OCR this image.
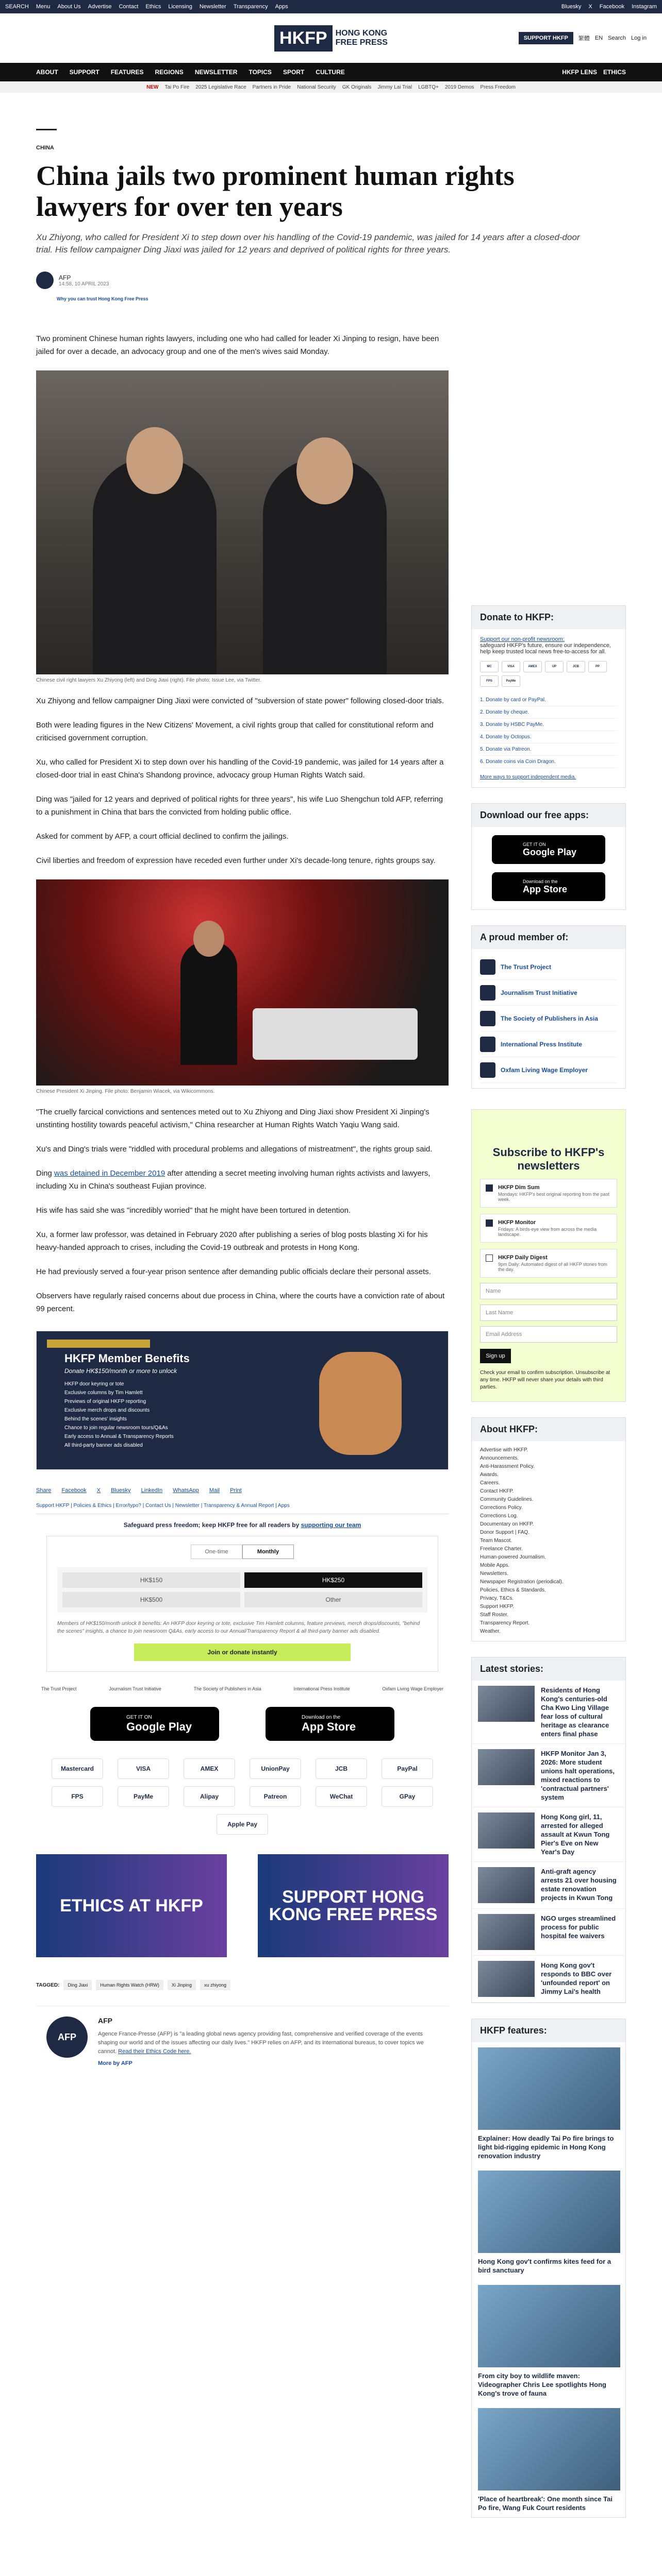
SEARCH Menu About Us Advertise Contact Ethics Licensing Newsletter Transparency Apps	Bluesky X Facebook Instagram
HKFP	HONG KONG
FREE PRESS	SUPPORT HKFP	繁體 EN Search Log in
ABOUT SUPPORT FEATURES REGIONS NEWSLETTER TOPICS SPORT CULTURE	HKFP LENS ETHICS
NEW Tai Po Fire 2025 Legislative Race Partners in Pride National Security GK Originals Jimmy Lai Trial LGBTQ+ 2019 Demos Press Freedom
CHINA
China jails two prominent human rights lawyers for over ten years

Xu Zhiyong, who called for President Xi to step down over his handling of the Covid-19 pandemic, was jailed for 14 years after a closed-door trial. His fellow campaigner Ding Jiaxi was jailed for 12 years and deprived of political rights for three years.

AFP
14:58, 10 APRIL 2023
Why you can trust Hong Kong Free Press

Two prominent Chinese human rights lawyers, including one who had called for leader Xi Jinping to resign, have been jailed for over a decade, an advocacy group and one of the men's wives said Monday.

Chinese civil right lawyers Xu Zhiyong (left) and Ding Jiaxi (right). File photo: Issue Lee, via Twitter.

Xu Zhiyong and fellow campaigner Ding Jiaxi were convicted of "subversion of state power" following closed-door trials.

Both were leading figures in the New Citizens' Movement, a civil rights group that called for constitutional reform and criticised government corruption.

Xu, who called for President Xi to step down over his handling of the Covid-19 pandemic, was jailed for 14 years after a closed-door trial in east China's Shandong province, advocacy group Human Rights Watch said.

Ding was "jailed for 12 years and deprived of political rights for three years", his wife Luo Shengchun told AFP, referring to a punishment in China that bars the convicted from holding public office.

Asked for comment by AFP, a court official declined to confirm the jailings.

Civil liberties and freedom of expression have receded even further under Xi's decade-long tenure, rights groups say.

Chinese President Xi Jinping. File photo: Benjamin Wiacek, via Wikicommons.

"The cruelly farcical convictions and sentences meted out to Xu Zhiyong and Ding Jiaxi show President Xi Jinping's unstinting hostility towards peaceful activism," China researcher at Human Rights Watch Yaqiu Wang said.

Xu's and Ding's trials were "riddled with procedural problems and allegations of mistreatment", the rights group said.

Ding was detained in December 2019 after attending a secret meeting involving human rights activists and lawyers, including Xu in China's southeast Fujian province.

His wife has said she was "incredibly worried" that he might have been tortured in detention.

Xu, a former law professor, was detained in February 2020 after publishing a series of blog posts blasting Xi for his heavy-handed approach to crises, including the Covid-19 outbreak and protests in Hong Kong.

He had previously served a four-year prison sentence after demanding public officials declare their personal assets.

Observers have regularly raised concerns about due process in China, where the courts have a conviction rate of about 99 percent.

HKFP Member Benefits
Donate HK$150/month or more to unlock
HKFP door keyring or tote
Exclusive columns by Tim Hamlett
Previews of original HKFP reporting
Exclusive merch drops and discounts
Behind the scenes' insights
Chance to join regular newsroom tours/Q&As
Early access to Annual & Transparency Reports
All third-party banner ads disabled
Share Facebook X Bluesky LinkedIn WhatsApp Mail Print
Support HKFP | Policies & Ethics | Error/typo? | Contact Us | Newsletter | Transparency & Annual Report | Apps
Safeguard press freedom; keep HKFP free for all readers by supporting our team
One-time	Monthly
HK$150	HK$250
HK$500	Other

Members of HK$150/month unlock 8 benefits: An HKFP door keyring or tote, exclusive Tim Hamlett columns, feature previews, merch drops/discounts, "behind the scenes" insights, a chance to join newsroom Q&As, early access to our Annual/Transparency Report & all third-party banner ads disabled.

Join or donate instantly
The Trust Project	Journalism Trust Initiative	The Society of Publishers in Asia	International Press Institute	Oxfam Living Wage Employer
GET IT ON
Google Play
Download on the
App Store
Mastercard	VISA	AMEX	UnionPay	JCB	PayPal
FPS	PayMe	Alipay	Patreon	WeChat	GPay
Apple Pay
ETHICS AT HKFP	SUPPORT HONG KONG FREE PRESS
TAGGED:	Ding Jiaxi	Human Rights Watch (HRW)	Xi Jinping	xu zhiyong
AFP
AFP

Agence France-Presse (AFP) is "a leading global news agency providing fast, comprehensive and verified coverage of the events shaping our world and of the issues affecting our daily lives." HKFP relies on AFP, and its international bureaus, to cover topics we cannot. Read their Ethics Code here.

More by AFP
Donate to HKFP:
Support our non-profit newsroom:

safeguard HKFP's future, ensure our independence, help keep trusted local news free-to-access for all.

MC	VISA	AMEX	UP	JCB	PP
FPS	PayMe
1. Donate by card or PayPal.
2. Donate by cheque.
3. Donate by HSBC PayMe.
4. Donate by Octopus.
5. Donate via Patreon.
6. Donate coins via Coin Dragon.
More ways to support independent media.
Download our free apps:
GET IT ON
Google Play
Download on the
App Store
A proud member of:
The Trust Project
Journalism Trust Initiative
The Society of Publishers in Asia
International Press Institute
Oxfam Living Wage Employer
Subscribe to HKFP's newsletters
HKFP Dim Sum
Mondays: HKFP's best original reporting from the past week.
HKFP Monitor
Fridays: A birds-eye view from across the media landscape.
HKFP Daily Digest
9pm Daily: Automated digest of all HKFP stories from the day.
Name
Last Name
Email Address
Sign up

Check your email to confirm subscription. Unsubscribe at any time. HKFP will never share your details with third parties.

About HKFP:
Advertise with HKFP.
Announcements.
Anti-Harassment Policy.
Awards.
Careers.
Contact HKFP.
Community Guidelines.
Corrections Policy.
Corrections Log.
Documentary on HKFP.
Donor Support | FAQ.
Team Mascot.
Freelance Charter.
Human-powered Journalism.
Mobile Apps.
Newsletters.
Newspaper Registration (periodical).
Policies, Ethics & Standards.
Privacy, T&Cs.
Support HKFP.
Staff Roster.
Transparency Report.
Weather.
Latest stories:
Residents of Hong Kong's centuries-old Cha Kwo Ling Village fear loss of cultural heritage as clearance enters final phase
HKFP Monitor Jan 3, 2026: More student unions halt operations, mixed reactions to 'contractual partners' system
Hong Kong girl, 11, arrested for alleged assault at Kwun Tong Pier's Eve on New Year's Day
Anti-graft agency arrests 21 over housing estate renovation projects in Kwun Tong
NGO urges streamlined process for public hospital fee waivers
Hong Kong gov't responds to BBC over 'unfounded report' on Jimmy Lai's health
HKFP features:
Explainer: How deadly Tai Po fire brings to light bid-rigging epidemic in Hong Kong renovation industry
Hong Kong gov't confirms kites feed for a bird sanctuary
From city boy to wildlife maven: Videographer Chris Lee spotlights Hong Kong's trove of fauna
'Place of heartbreak': One month since Tai Po fire, Wang Fuk Court residents
